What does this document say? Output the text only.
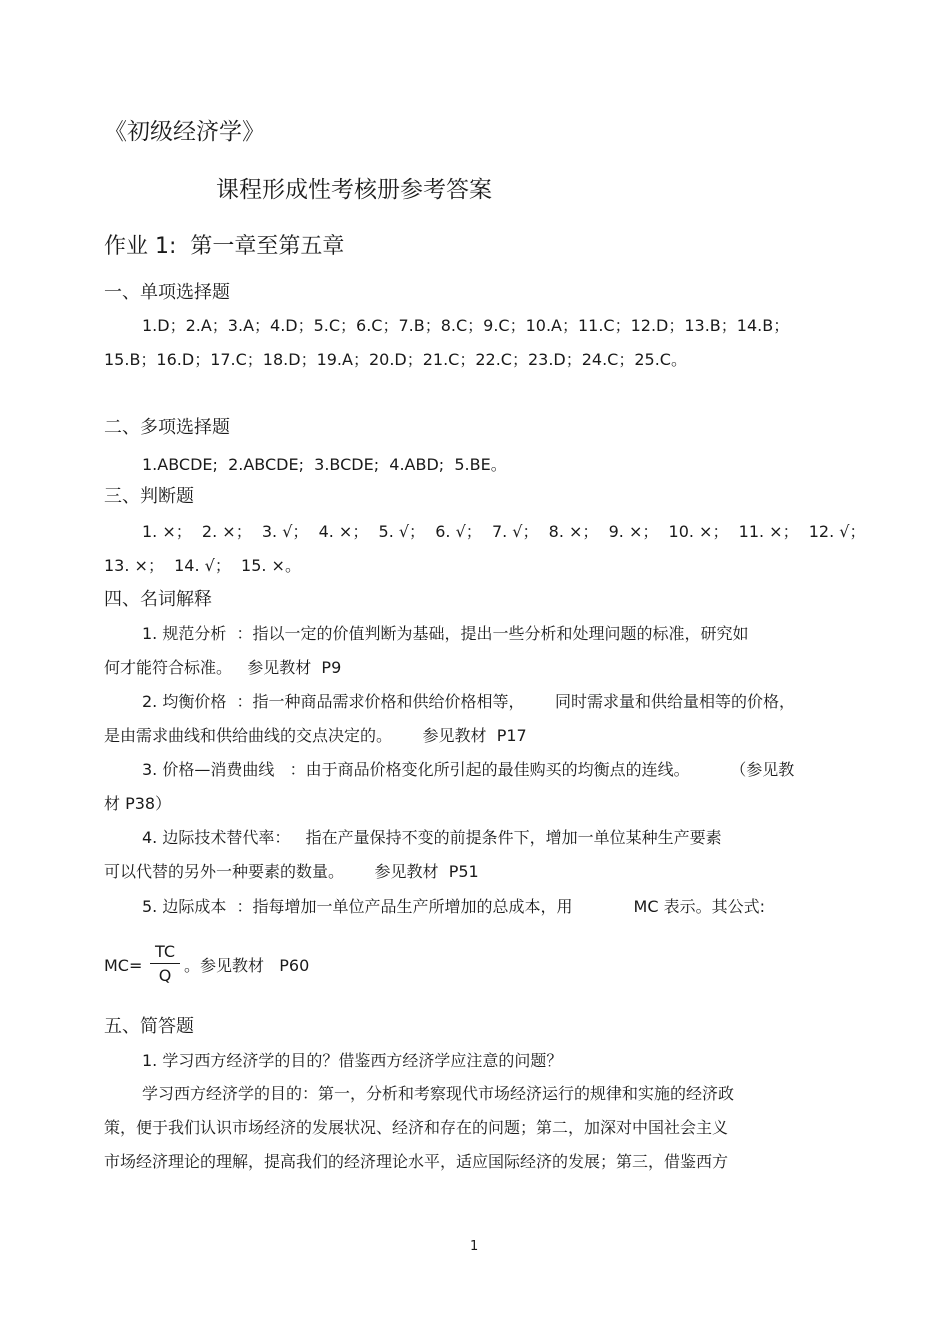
《初级经济学》
课程形成性考核册参考答案
作业 1:  第一章至第五章
一、单项选择题
1.D；2.A；3.A；4.D；5.C；6.C；7.B；8.C；9.C；10.A；11.C；12.D；13.B；14.B；
15.B；16.D；17.C；18.D；19.A；20.D；21.C；22.C；23.D；24.C；25.C。
二、多项选择题
1.ABCDE;  2.ABCDE;  3.BCDE;  4.ABD;  5.BE。
三、判断题
1. ×；  2. ×；  3. √；  4. ×；  5. √；  6. √；  7. √；  8. ×；  9. ×；  10. ×；  11. ×；  12. √；
13. ×；  14. √；  15. ×。
四、名词解释
1. 规范分析  ：指以一定的价值判断为基础，提出一些分析和处理问题的标准，研究如
何才能符合标准。   参见教材  P9
2. 均衡价格  ：指一种商品需求价格和供给价格相等，      同时需求量和供给量相等的价格，
是由需求曲线和供给曲线的交点决定的。      参见教材  P17
3. 价格—消费曲线   ：由于商品价格变化所引起的最佳购买的均衡点的连线。        （参见教
材 P38）
4. 边际技术替代率：   指在产量保持不变的前提条件下，增加一单位某种生产要素
可以代替的另外一种要素的数量。      参见教材  P51
5. 边际成本  ：指每增加一单位产品生产所增加的总成本，用            MC 表示。其公式:
MC=
TC
Q
。参见教材   P60
五、简答题
1. 学习西方经济学的目的？借鉴西方经济学应注意的问题？
学习西方经济学的目的：第一，分析和考察现代市场经济运行的规律和实施的经济政
策，便于我们认识市场经济的发展状况、经济和存在的问题；第二，加深对中国社会主义
市场经济理论的理解，提高我们的经济理论水平，适应国际经济的发展；第三，借鉴西方
1
